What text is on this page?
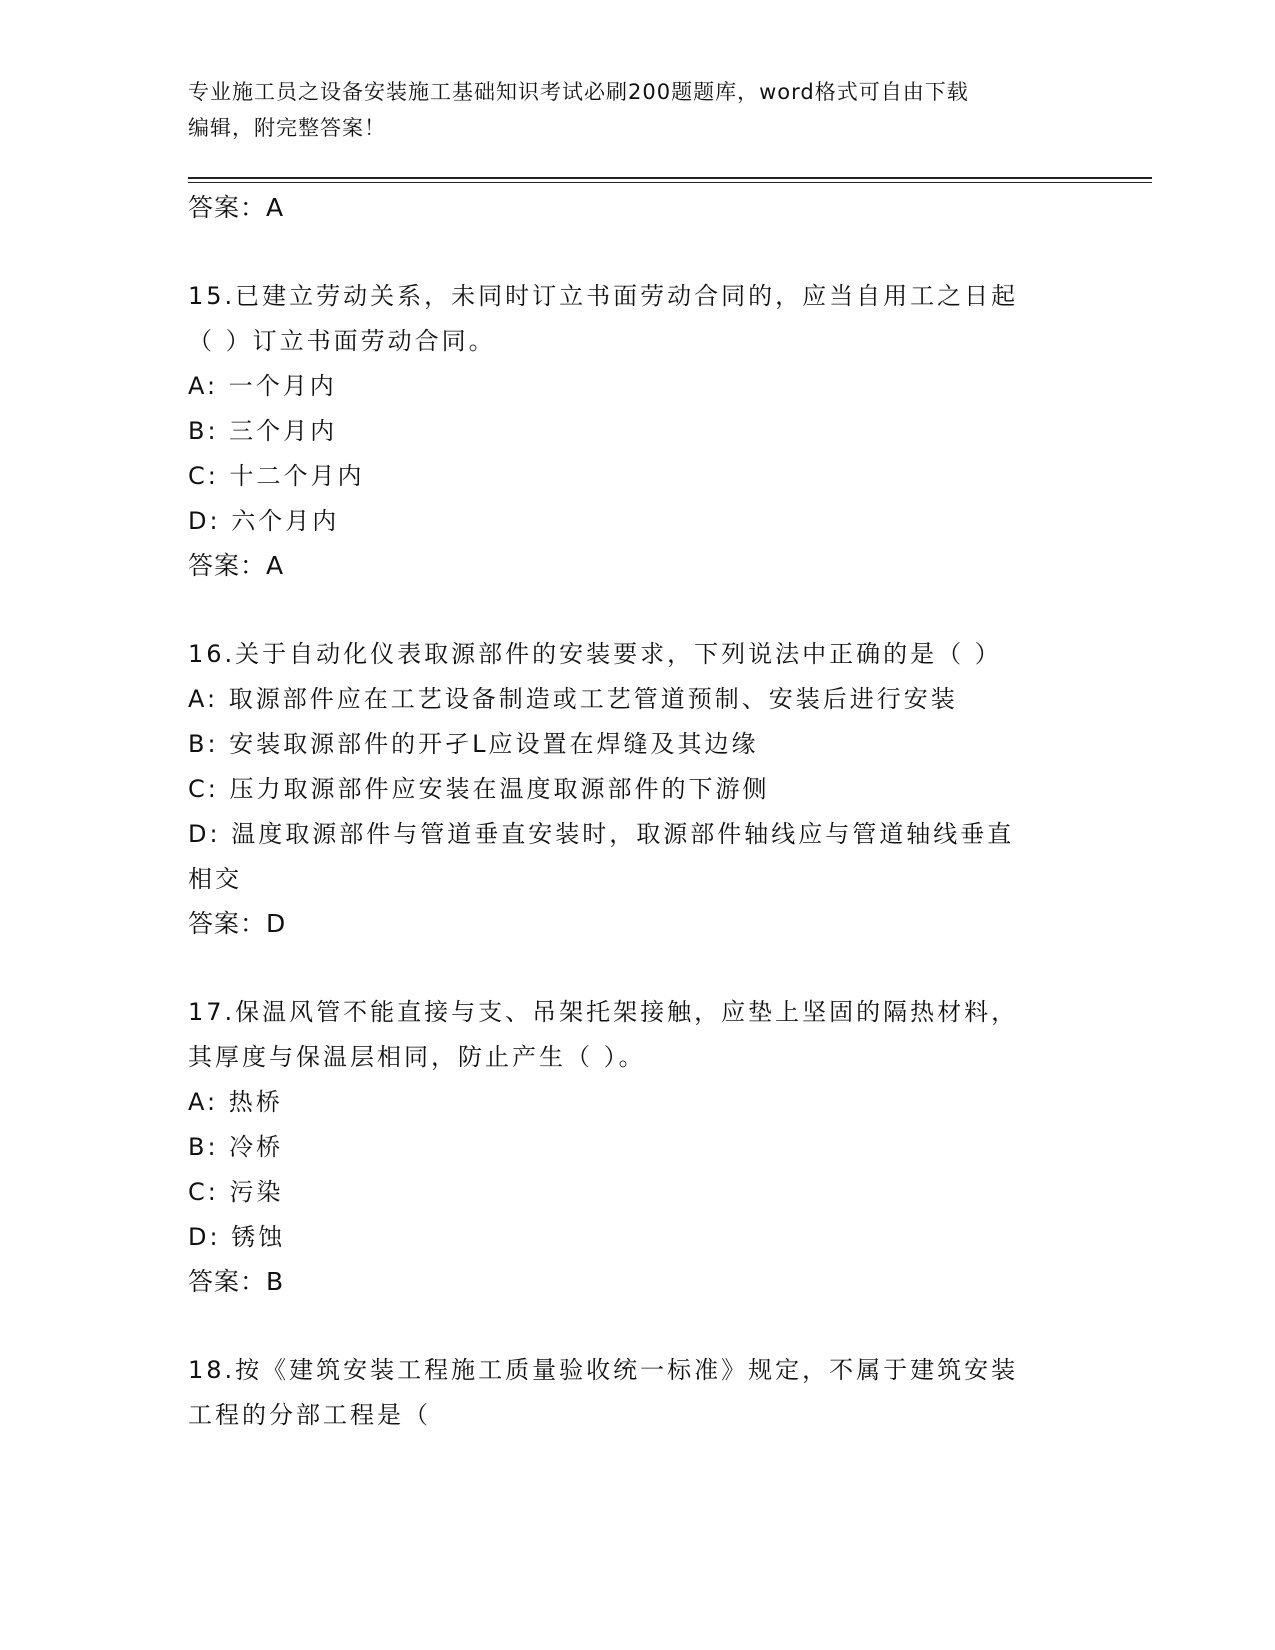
专业施工员之设备安装施工基础知识考试必刷200题题库，word格式可自由下载
编辑，附完整答案！
答案：A
15.已建立劳动关系，未同时订立书面劳动合同的，应当自用工之日起
（ ）订立书面劳动合同。
A: 一个月内
B: 三个月内
C: 十二个月内
D: 六个月内
答案：A
16.关于自动化仪表取源部件的安装要求，下列说法中正确的是（ ）
A: 取源部件应在工艺设备制造或工艺管道预制、安装后进行安装
B: 安装取源部件的开孑L应设置在焊缝及其边缘
C: 压力取源部件应安装在温度取源部件的下游侧
D: 温度取源部件与管道垂直安装时，取源部件轴线应与管道轴线垂直
相交
答案：D
17.保温风管不能直接与支、吊架托架接触，应垫上坚固的隔热材料，
其厚度与保温层相同，防止产生（ ）。
A: 热桥
B: 冷桥
C: 污染
D: 锈蚀
答案：B
18.按《建筑安装工程施工质量验收统一标准》规定，不属于建筑安装
工程的分部工程是（
